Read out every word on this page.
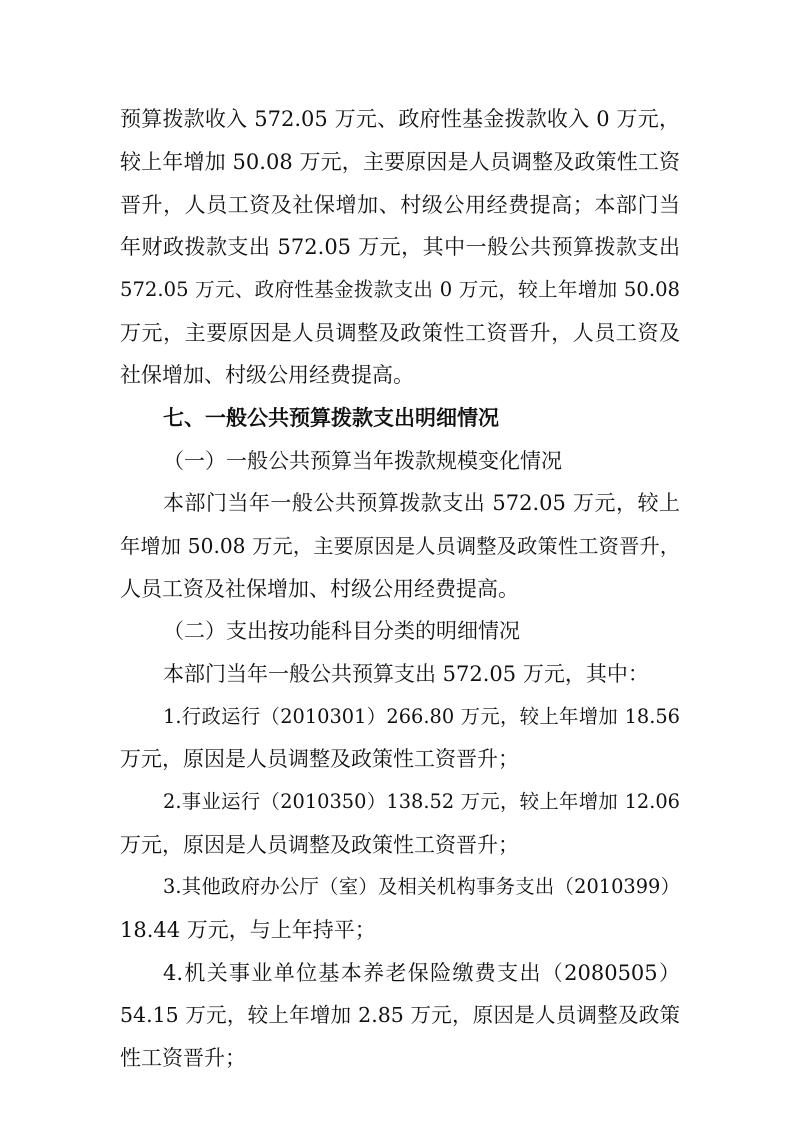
预算拨款收入 572.05 万元、政府性基金拨款收入 0 万元，
较上年增加 50.08 万元，主要原因是人员调整及政策性工资
晋升，人员工资及社保增加、村级公用经费提高；本部门当
年财政拨款支出 572.05 万元，其中一般公共预算拨款支出
572.05 万元、政府性基金拨款支出 0 万元，较上年增加 50.08
万元，主要原因是人员调整及政策性工资晋升，人员工资及
社保增加、村级公用经费提高。
七、一般公共预算拨款支出明细情况
（一）一般公共预算当年拨款规模变化情况
本部门当年一般公共预算拨款支出 572.05 万元，较上
年增加 50.08 万元，主要原因是人员调整及政策性工资晋升，
人员工资及社保增加、村级公用经费提高。
（二）支出按功能科目分类的明细情况
本部门当年一般公共预算支出 572.05 万元，其中：
1.行政运行（2010301）266.80 万元，较上年增加 18.56
万元，原因是人员调整及政策性工资晋升；
2.事业运行（2010350）138.52 万元，较上年增加 12.06
万元，原因是人员调整及政策性工资晋升；
3.其他政府办公厅（室）及相关机构事务支出（2010399）
18.44 万元，与上年持平；
4.机关事业单位基本养老保险缴费支出（2080505）
54.15 万元，较上年增加 2.85 万元，原因是人员调整及政策
性工资晋升；
